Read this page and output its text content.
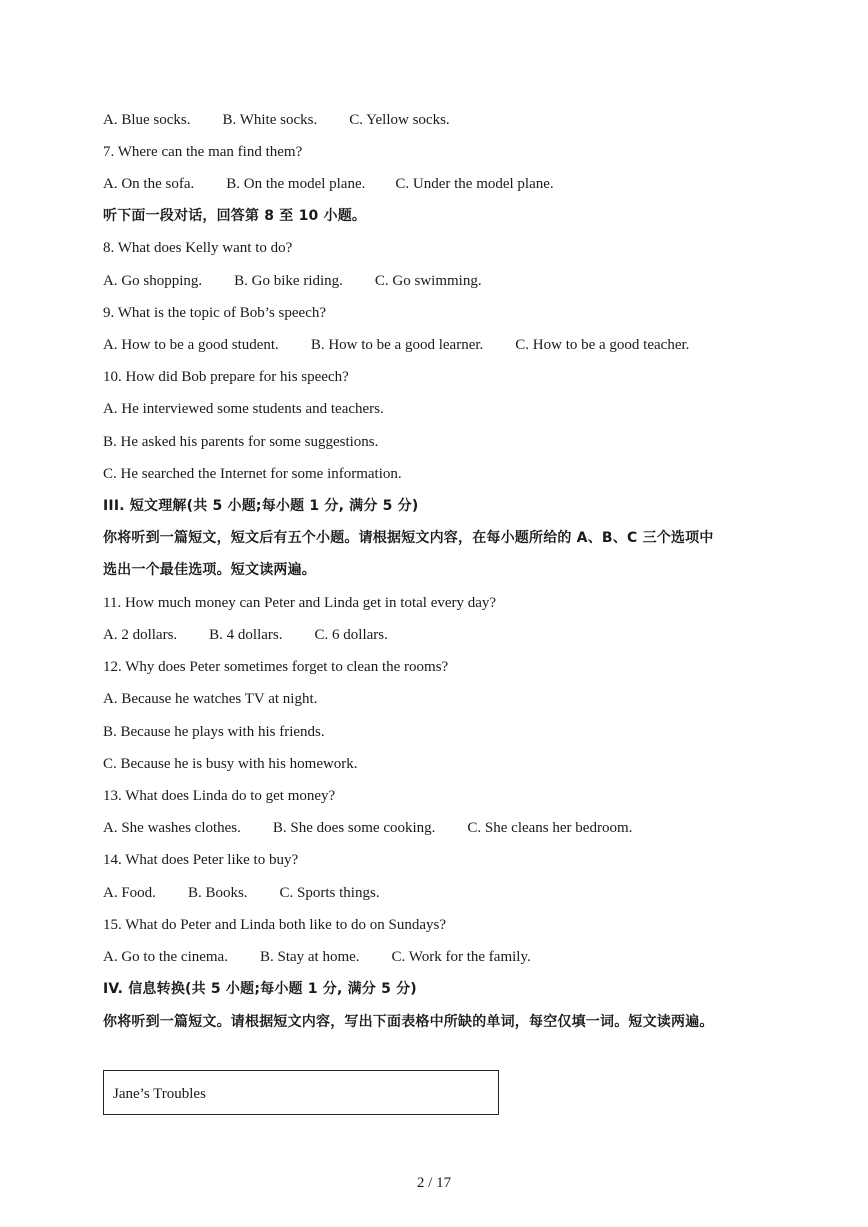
A. Blue socks. B. White socks. C. Yellow socks.
7. Where can the man find them?
A. On the sofa. B. On the model plane. C. Under the model plane.
听下面一段对话，回答第 8 至 10 小题。
8. What does Kelly want to do?
A. Go shopping. B. Go bike riding. C. Go swimming.
9. What is the topic of Bob’s speech?
A. How to be a good student. B. How to be a good learner. C. How to be a good teacher.
10. How did Bob prepare for his speech?
A. He interviewed some students and teachers.
B. He asked his parents for some suggestions.
C. He searched the Internet for some information.
III. 短文理解(共 5 小题;每小题 1 分, 满分 5 分)
你将听到一篇短文，短文后有五个小题。请根据短文内容，在每小题所给的 A、B、C 三个选项中
选出一个最佳选项。短文读两遍。
11. How much money can Peter and Linda get in total every day?
A. 2 dollars. B. 4 dollars. C. 6 dollars.
12. Why does Peter sometimes forget to clean the rooms?
A. Because he watches TV at night.
B. Because he plays with his friends.
C. Because he is busy with his homework.
13. What does Linda do to get money?
A. She washes clothes. B. She does some cooking. C. She cleans her bedroom.
14. What does Peter like to buy?
A. Food. B. Books. C. Sports things.
15. What do Peter and Linda both like to do on Sundays?
A. Go to the cinema. B. Stay at home. C. Work for the family.
IV. 信息转换(共 5 小题;每小题 1 分, 满分 5 分)
你将听到一篇短文。请根据短文内容，写出下面表格中所缺的单词，每空仅填一词。短文读两遍。
Jane’s Troubles
2 / 17
